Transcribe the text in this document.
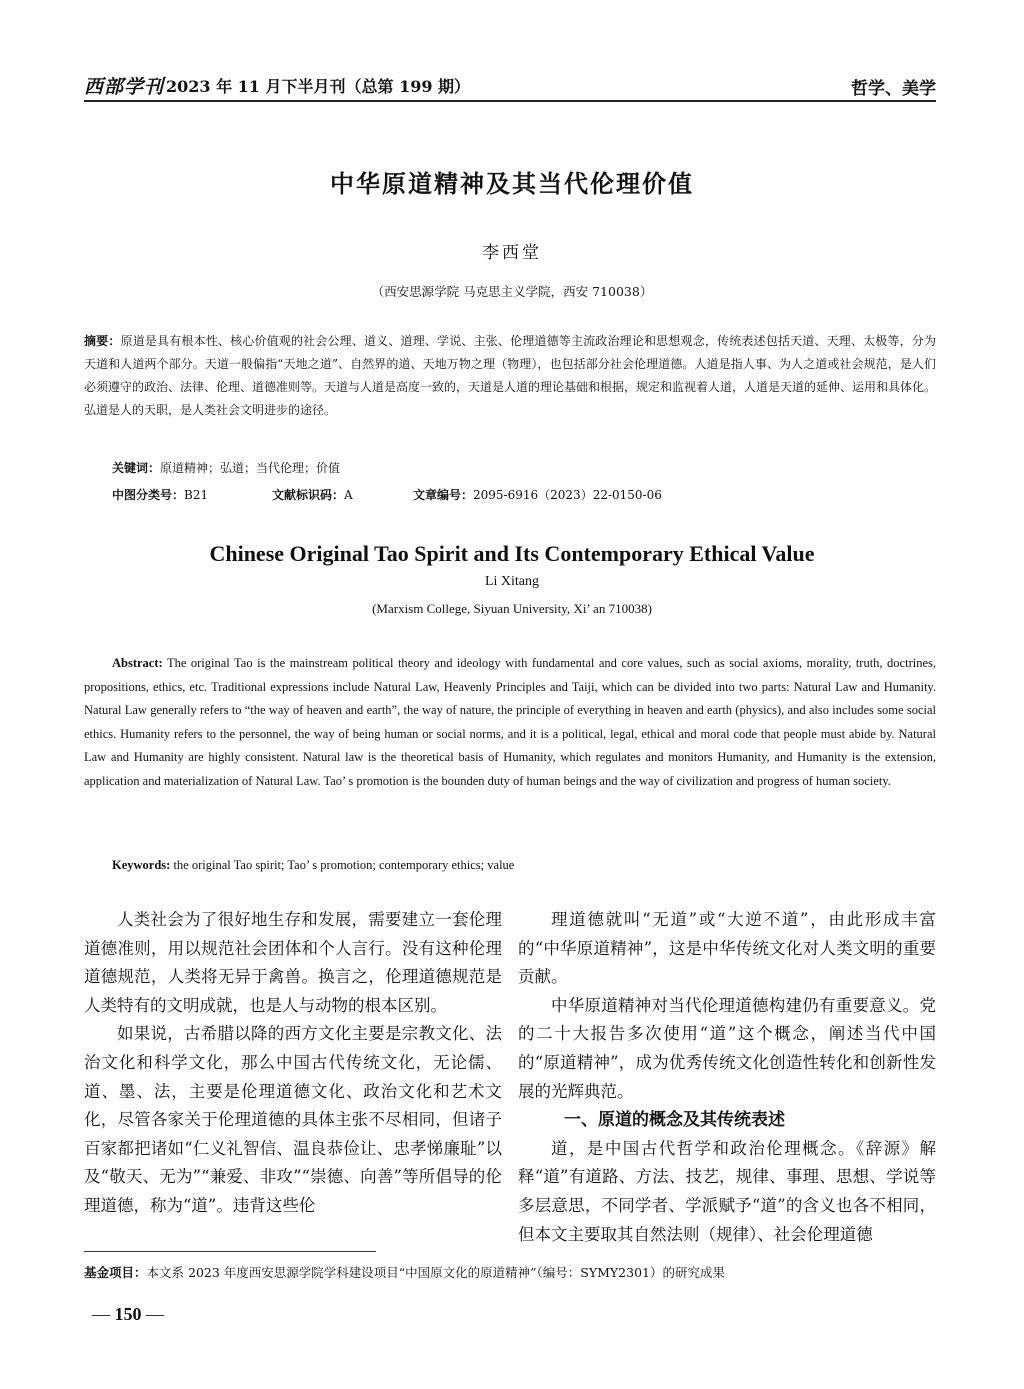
西部学刊 2023 年 11 月下半月刊（总第 199 期）	哲学、美学
中华原道精神及其当代伦理价值
李西堂
（西安思源学院 马克思主义学院，西安 710038）
摘要：原道是具有根本性、核心价值观的社会公理、道义、道理、学说、主张、伦理道德等主流政治理论和思想观念，传统表述包括天道、天理、太极等，分为天道和人道两个部分。天道一般偏指“天地之道”、自然界的道、天地万物之理（物理），也包括部分社会伦理道德。人道是指人事、为人之道或社会规范，是人们必须遵守的政治、法律、伦理、道德准则等。天道与人道是高度一致的，天道是人道的理论基础和根据，规定和监视着人道，人道是天道的延伸、运用和具体化。弘道是人的天职，是人类社会文明进步的途径。
关键词：原道精神；弘道；当代伦理；价值
中图分类号：B21	文献标识码：A	文章编号：2095-6916（2023）22-0150-06
Chinese Original Tao Spirit and Its Contemporary Ethical Value
Li Xitang
(Marxism College, Siyuan University, Xi’ an 710038)
Abstract: The original Tao is the mainstream political theory and ideology with fundamental and core values, such as social axioms, morality, truth, doctrines, propositions, ethics, etc. Traditional expressions include Natural Law, Heavenly Principles and Taiji, which can be divided into two parts: Natural Law and Humanity. Natural Law generally refers to “the way of heaven and earth”, the way of nature, the principle of everything in heaven and earth (physics), and also includes some social ethics. Humanity refers to the personnel, the way of being human or social norms, and it is a political, legal, ethical and moral code that people must abide by. Natural Law and Humanity are highly consistent. Natural law is the theoretical basis of Humanity, which regulates and monitors Humanity, and Humanity is the extension, application and materialization of Natural Law. Tao’ s promotion is the bounden duty of human beings and the way of civilization and progress of human society.
Keywords: the original Tao spirit; Tao’ s promotion; contemporary ethics; value

人类社会为了很好地生存和发展，需要建立一套伦理道德准则，用以规范社会团体和个人言行。没有这种伦理道德规范，人类将无异于禽兽。换言之，伦理道德规范是人类特有的文明成就，也是人与动物的根本区别。

如果说，古希腊以降的西方文化主要是宗教文化、法治文化和科学文化，那么中国古代传统文化，无论儒、道、墨、法，主要是伦理道德文化、政治文化和艺术文化，尽管各家关于伦理道德的具体主张不尽相同，但诸子百家都把诸如“仁义礼智信、温良恭俭让、忠孝悌廉耻”以及“敬天、无为”“兼爱、非攻”“崇德、向善”等所倡导的伦理道德，称为“道”。违背这些伦

理道德就叫“无道”或“大逆不道”，由此形成丰富的“中华原道精神”，这是中华传统文化对人类文明的重要贡献。

中华原道精神对当代伦理道德构建仍有重要意义。党的二十大报告多次使用“道”这个概念，阐述当代中国的“原道精神”，成为优秀传统文化创造性转化和创新性发展的光辉典范。

一、原道的概念及其传统表述

道，是中国古代哲学和政治伦理概念。《辞源》解释“道”有道路、方法、技艺，规律、事理、思想、学说等多层意思，不同学者、学派赋予“道”的含义也各不相同，但本文主要取其自然法则（规律）、社会伦理道德

基金项目：本文系 2023 年度西安思源学院学科建设项目“中国原文化的原道精神”（编号：SYMY2301）的研究成果
— 150 —
